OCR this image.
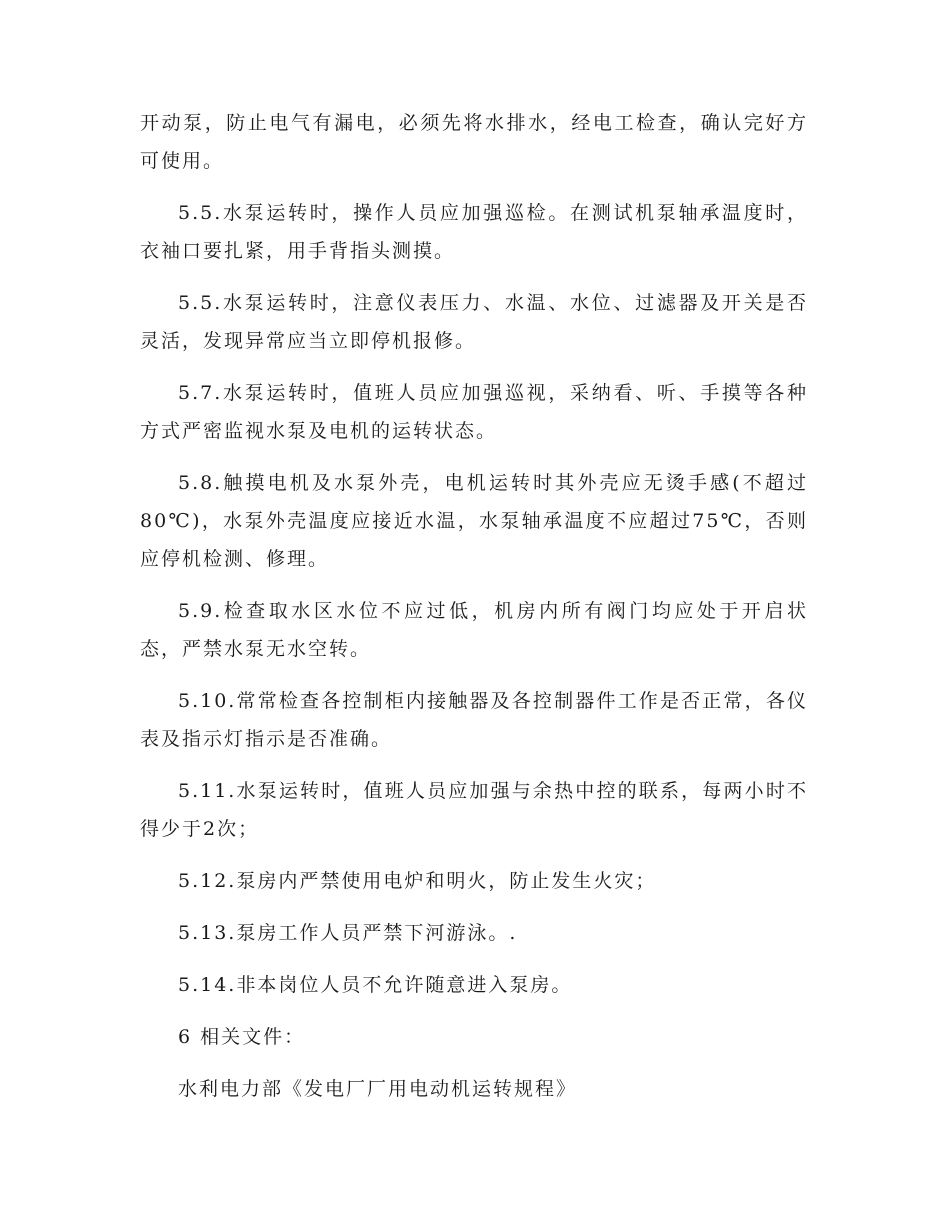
开动泵，防止电气有漏电，必须先将水排水，经电工检查，确认完好方可使用。

5.5.水泵运转时，操作人员应加强巡检。在测试机泵轴承温度时，衣袖口要扎紧，用手背指头测摸。

5.5.水泵运转时，注意仪表压力、水温、水位、过滤器及开关是否灵活，发现异常应当立即停机报修。

5.7.水泵运转时，值班人员应加强巡视，采纳看、听、手摸等各种方式严密监视水泵及电机的运转状态。

5.8.触摸电机及水泵外壳，电机运转时其外壳应无烫手感(不超过80℃)，水泵外壳温度应接近水温，水泵轴承温度不应超过75℃，否则应停机检测、修理。

5.9.检查取水区水位不应过低，机房内所有阀门均应处于开启状态，严禁水泵无水空转。

5.10.常常检查各控制柜内接触器及各控制器件工作是否正常，各仪表及指示灯指示是否准确。

5.11.水泵运转时，值班人员应加强与余热中控的联系，每两小时不得少于2次；

5.12.泵房内严禁使用电炉和明火，防止发生火灾；

5.13.泵房工作人员严禁下河游泳。.

5.14.非本岗位人员不允许随意进入泵房。

6 相关文件：

水利电力部《发电厂厂用电动机运转规程》
